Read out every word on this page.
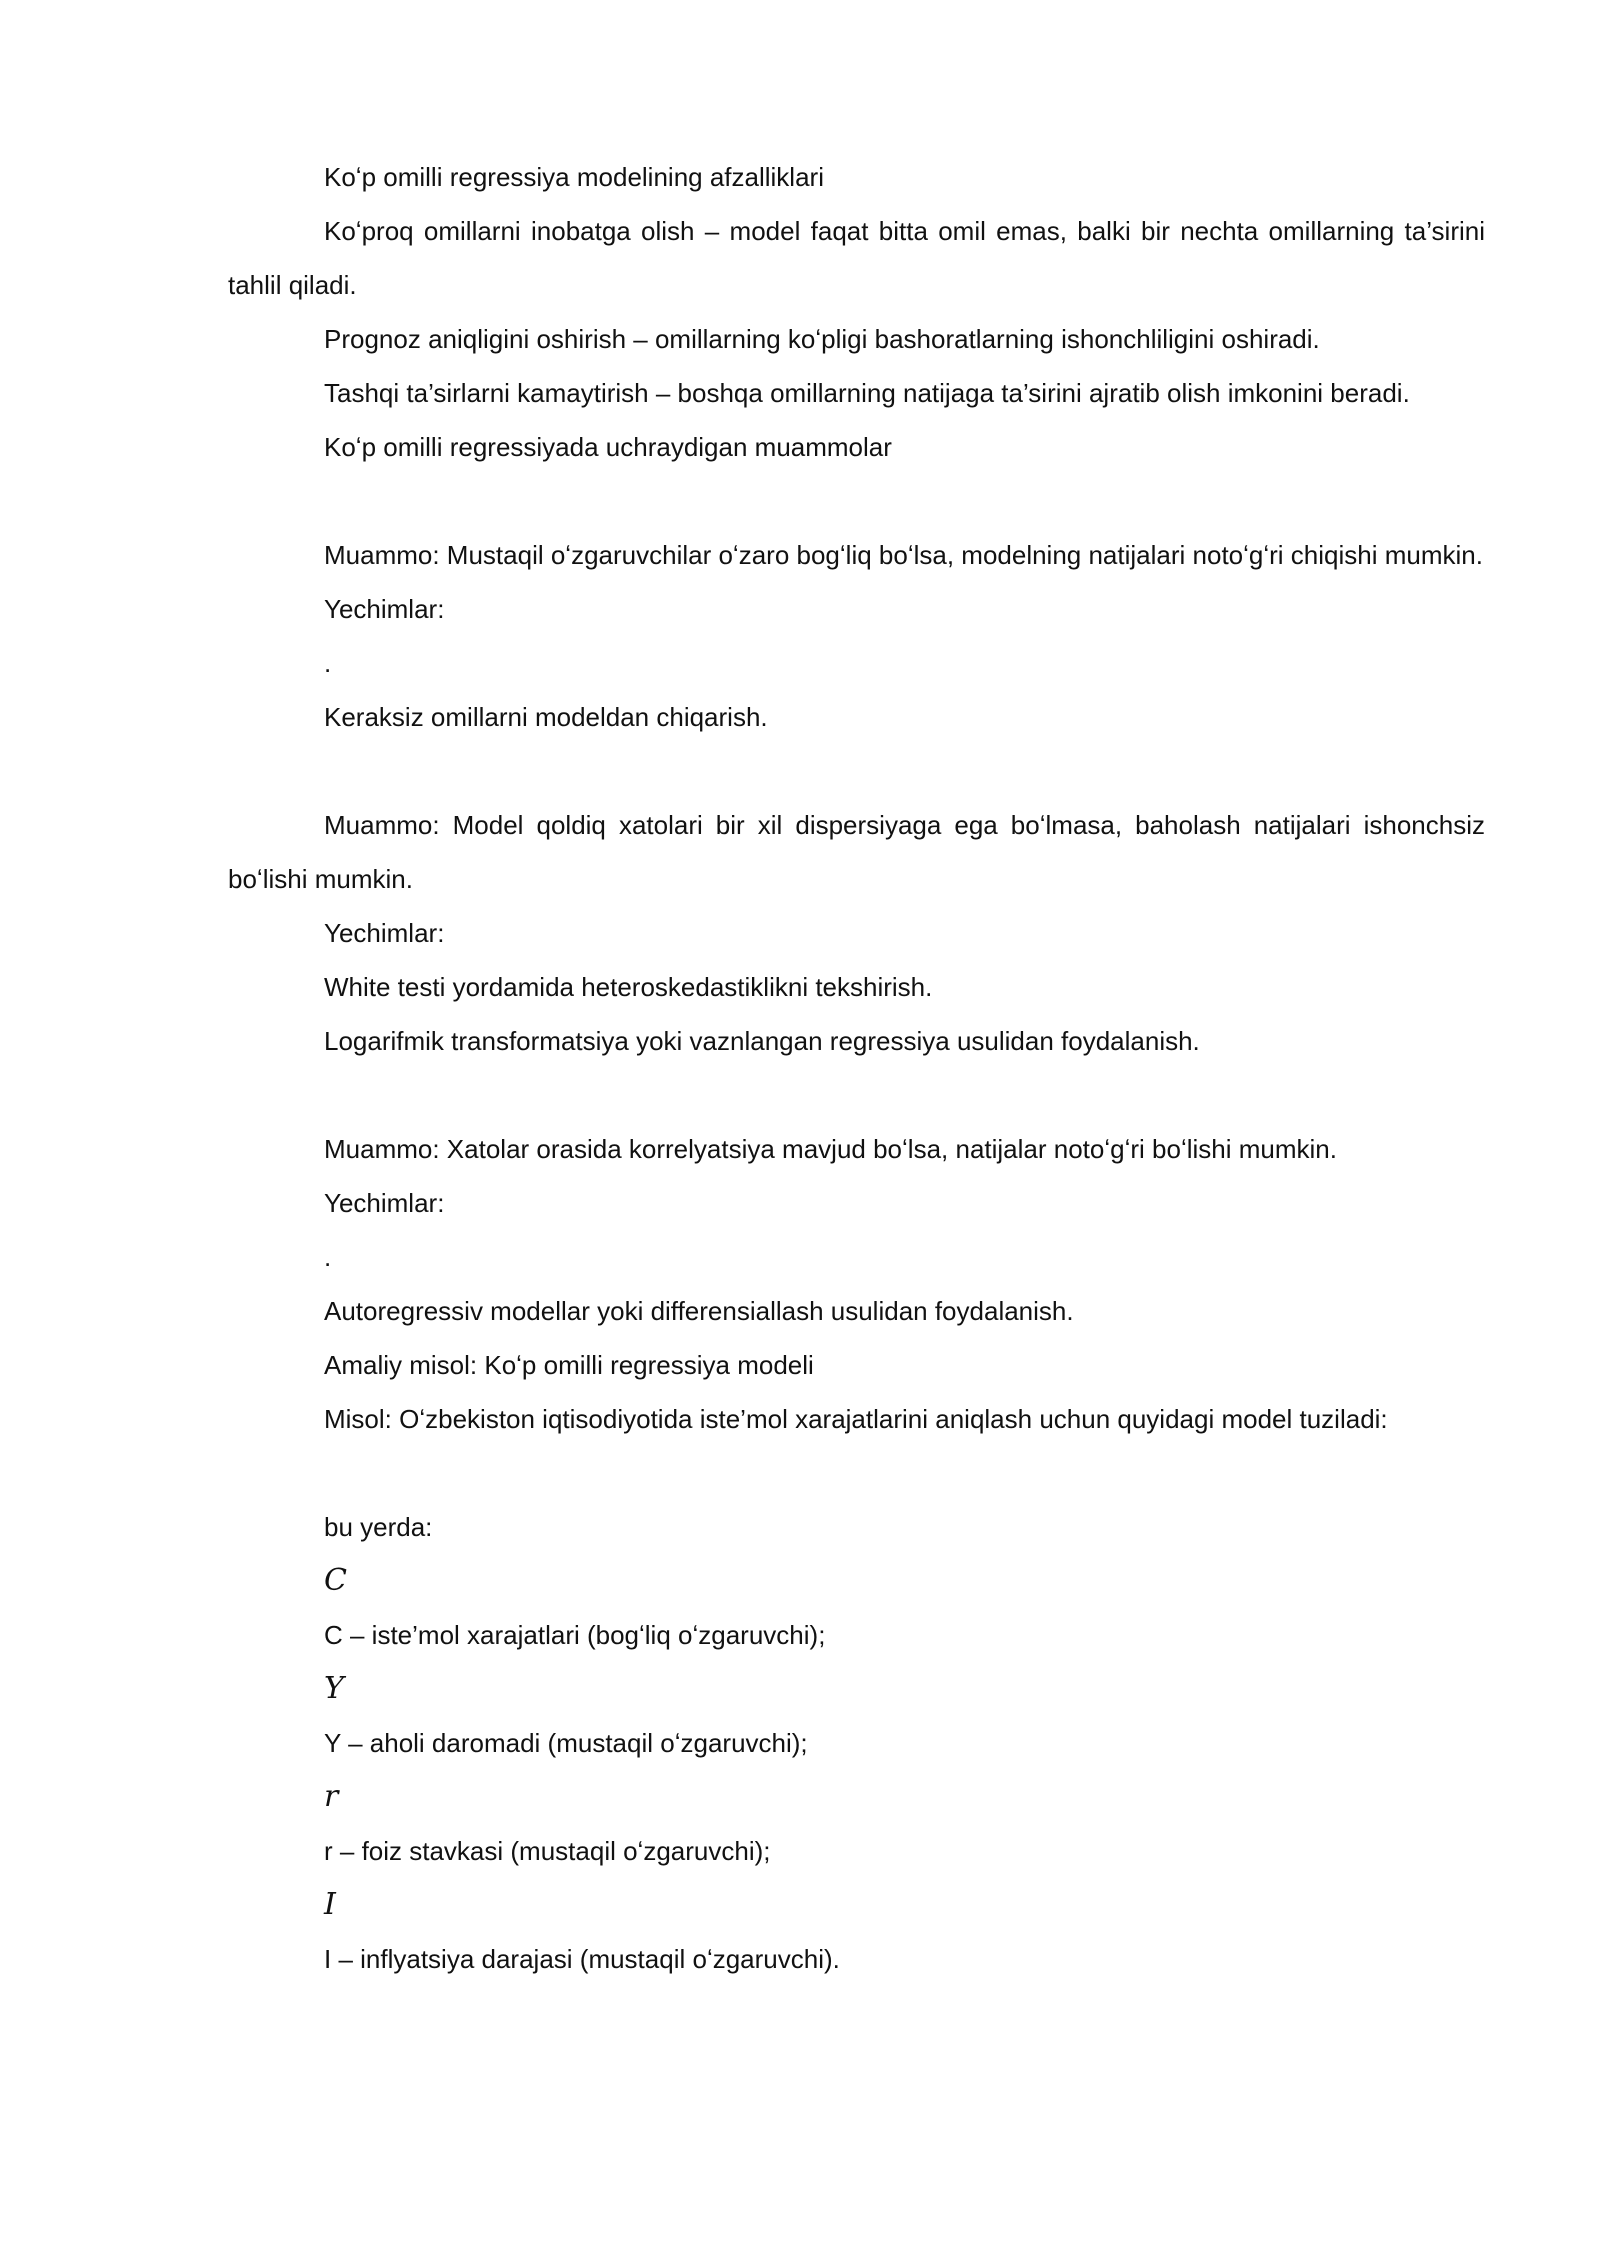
Koʻp omilli regressiya modelining afzalliklari

Koʻproq omillarni inobatga olish – model faqat bitta omil emas, balki bir nechta omillarning ta’sirini tahlil qiladi.

Prognoz aniqligini oshirish – omillarning koʻpligi bashoratlarning ishonchliligini oshiradi.

Tashqi ta’sirlarni kamaytirish – boshqa omillarning natijaga ta’sirini ajratib olish imkonini beradi.

Koʻp omilli regressiyada uchraydigan muammolar

Muammo: Mustaqil oʻzgaruvchilar oʻzaro bogʻliq boʻlsa, modelning natijalari notoʻgʻri chiqishi mumkin.

Yechimlar:

.

Keraksiz omillarni modeldan chiqarish.

Muammo: Model qoldiq xatolari bir xil dispersiyaga ega boʻlmasa, baholash natijalari ishonchsiz boʻlishi mumkin.

Yechimlar:

White testi yordamida heteroskedastiklikni tekshirish.

Logarifmik transformatsiya yoki vaznlangan regressiya usulidan foydalanish.

Muammo: Xatolar orasida korrelyatsiya mavjud boʻlsa, natijalar notoʻgʻri boʻlishi mumkin.

Yechimlar:

.

Autoregressiv modellar yoki differensiallash usulidan foydalanish.

Amaliy misol: Koʻp omilli regressiya modeli

Misol: Oʻzbekiston iqtisodiyotida iste’mol xarajatlarini aniqlash uchun quyidagi model tuziladi:

bu yerda:

C

C – iste’mol xarajatlari (bogʻliq oʻzgaruvchi);

Y

Y – aholi daromadi (mustaqil oʻzgaruvchi);

r

r – foiz stavkasi (mustaqil oʻzgaruvchi);

I

I – inflyatsiya darajasi (mustaqil oʻzgaruvchi).
